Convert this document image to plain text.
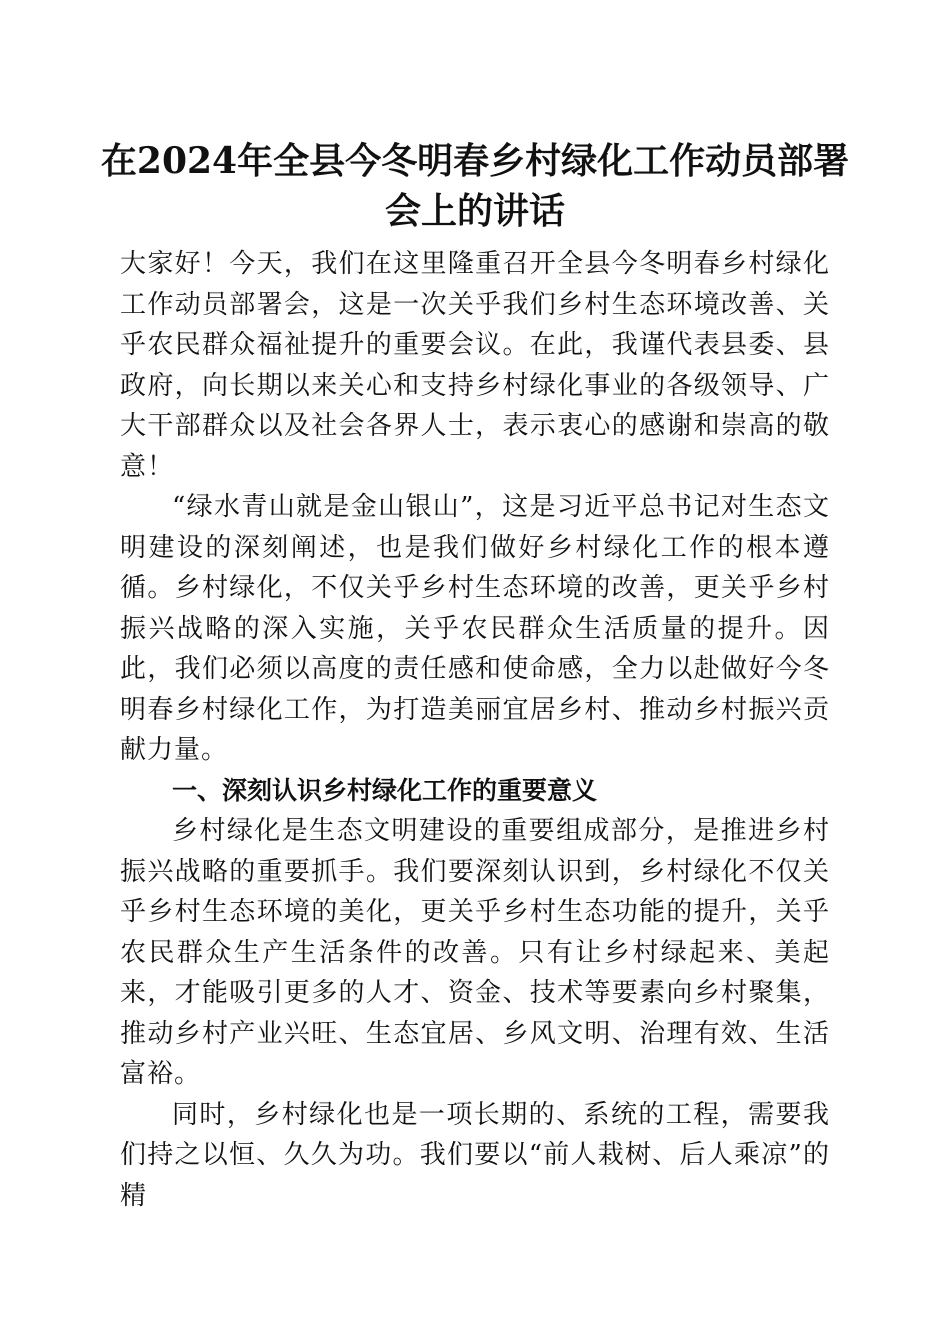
在2024年全县今冬明春乡村绿化工作动员部署会上的讲话

大家好！今天，我们在这里隆重召开全县今冬明春乡村绿化工作动员部署会，这是一次关乎我们乡村生态环境改善、关乎农民群众福祉提升的重要会议。在此，我谨代表县委、县政府，向长期以来关心和支持乡村绿化事业的各级领导、广大干部群众以及社会各界人士，表示衷心的感谢和崇高的敬意！

“绿水青山就是金山银山”，这是习近平总书记对生态文明建设的深刻阐述，也是我们做好乡村绿化工作的根本遵循。乡村绿化，不仅关乎乡村生态环境的改善，更关乎乡村振兴战略的深入实施，关乎农民群众生活质量的提升。因此，我们必须以高度的责任感和使命感，全力以赴做好今冬明春乡村绿化工作，为打造美丽宜居乡村、推动乡村振兴贡献力量。

一、深刻认识乡村绿化工作的重要意义

乡村绿化是生态文明建设的重要组成部分，是推进乡村振兴战略的重要抓手。我们要深刻认识到，乡村绿化不仅关乎乡村生态环境的美化，更关乎乡村生态功能的提升，关乎农民群众生产生活条件的改善。只有让乡村绿起来、美起来，才能吸引更多的人才、资金、技术等要素向乡村聚集，推动乡村产业兴旺、生态宜居、乡风文明、治理有效、生活富裕。

同时，乡村绿化也是一项长期的、系统的工程，需要我们持之以恒、久久为功。我们要以“前人栽树、后人乘凉”的精
